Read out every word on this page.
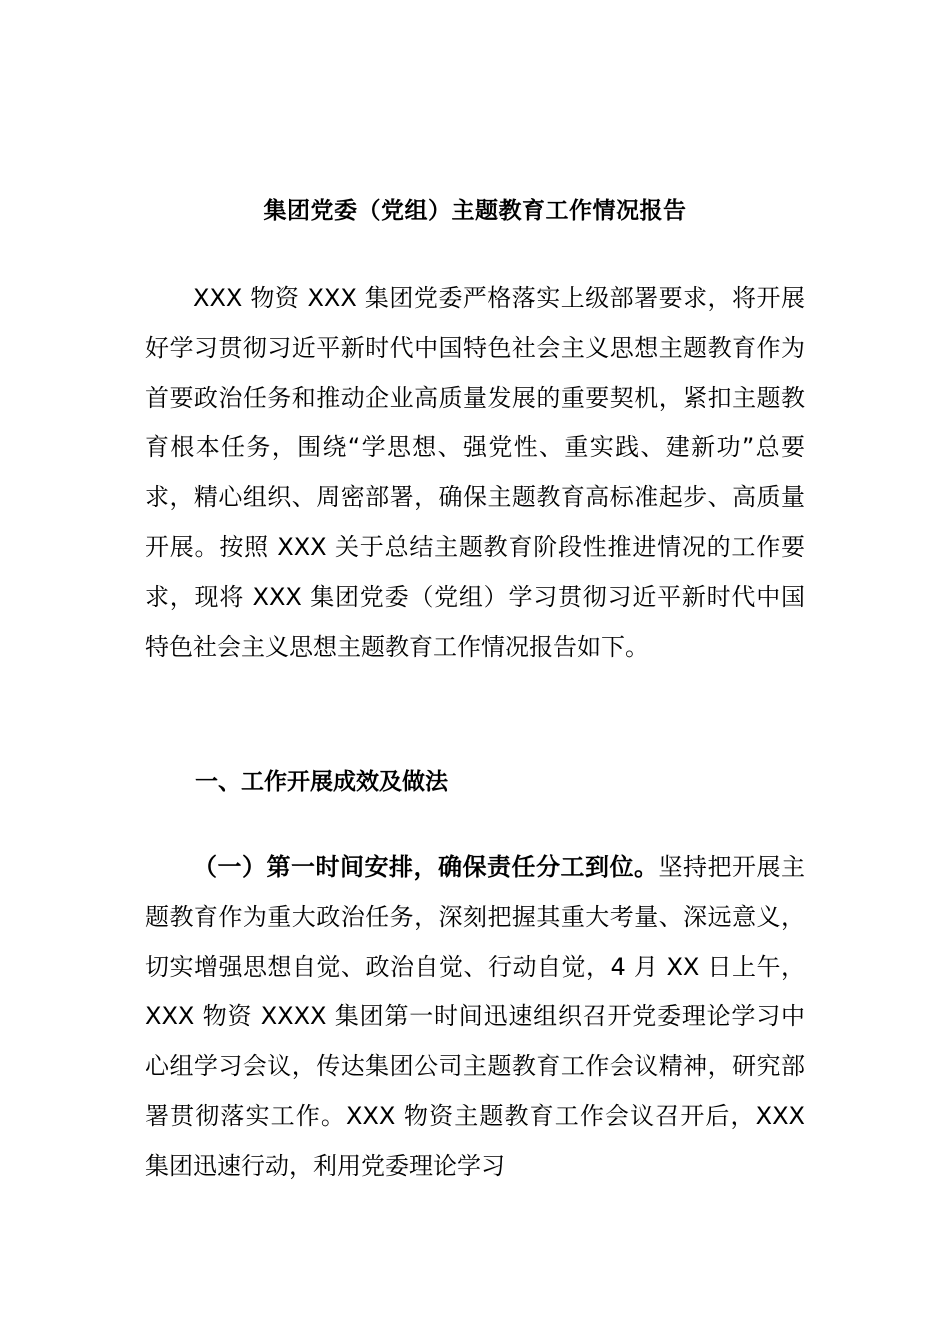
集团党委（党组）主题教育工作情况报告

XXX 物资 XXX 集团党委严格落实上级部署要求，将开展好学习贯彻习近平新时代中国特色社会主义思想主题教育作为首要政治任务和推动企业高质量发展的重要契机，紧扣主题教育根本任务，围绕“学思想、强党性、重实践、建新功”总要求，精心组织、周密部署，确保主题教育高标准起步、高质量开展。按照 XXX 关于总结主题教育阶段性推进情况的工作要求，现将 XXX 集团党委（党组）学习贯彻习近平新时代中国特色社会主义思想主题教育工作情况报告如下。

一、工作开展成效及做法

（一）第一时间安排，确保责任分工到位。坚持把开展主题教育作为重大政治任务，深刻把握其重大考量、深远意义，切实增强思想自觉、政治自觉、行动自觉，4 月 XX 日上午，XXX 物资 XXXX 集团第一时间迅速组织召开党委理论学习中心组学习会议，传达集团公司主题教育工作会议精神，研究部署贯彻落实工作。XXX 物资主题教育工作会议召开后，XXX 集团迅速行动，利用党委理论学习
